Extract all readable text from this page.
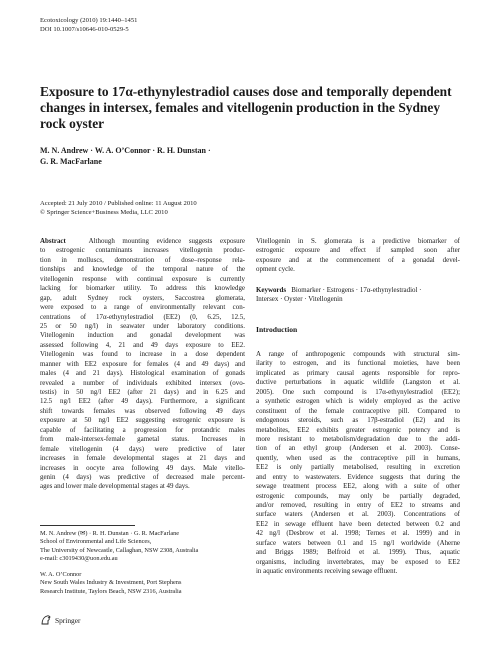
Ecotoxicology (2010) 19:1440–1451
DOI 10.1007/s10646-010-0529-5
Exposure to 17α-ethynylestradiol causes dose and temporally dependent changes in intersex, females and vitellogenin production in the Sydney rock oyster
M. N. Andrew · W. A. O’Connor · R. H. Dunstan ·
G. R. MacFarlane
Accepted: 21 July 2010 / Published online: 11 August 2010
© Springer Science+Business Media, LLC 2010
Abstract	Although mounting evidence suggests exposure
to estrogenic contaminants increases vitellogenin produc-
tion in molluscs, demonstration of dose–response rela-
tionships and knowledge of the temporal nature of the
vitellogenin response with continual exposure is currently
lacking for biomarker utility. To address this knowledge
gap, adult Sydney rock oysters, Saccostrea glomerata,
were exposed to a range of environmentally relevant con-
centrations of 17α-ethynylestradiol (EE2) (0, 6.25, 12.5,
25 or 50 ng/l) in seawater under laboratory conditions.
Vitellogenin induction and gonadal development was
assessed following 4, 21 and 49 days exposure to EE2.
Vitellogenin was found to increase in a dose dependent
manner with EE2 exposure for females (4 and 49 days) and
males (4 and 21 days). Histological examination of gonads
revealed a number of individuals exhibited intersex (ovo-
testis) in 50 ng/l EE2 (after 21 days) and in 6.25 and
12.5 ng/l EE2 (after 49 days). Furthermore, a significant
shift towards females was observed following 49 days
exposure at 50 ng/l EE2 suggesting estrogenic exposure is
capable of facilitating a progression for protandric males
from male-intersex-female gametal status. Increases in
female vitellogenin (4 days) were predictive of later
increases in female developmental stages at 21 days and
increases in oocyte area following 49 days. Male vitello-
genin (4 days) was predictive of decreased male percent-
ages and lower male developmental stages at 49 days.
Vitellogenin in S. glomerata is a predictive biomarker of
estrogenic exposure and effect if sampled soon after
exposure and at the commencement of a gonadal devel-
opment cycle.
Keywords Biomarker · Estrogens · 17α-ethynylestradiol ·
Intersex · Oyster · Vitellogenin
Introduction
A range of anthropogenic compounds with structural sim-
ilarity to estrogen, and its functional moieties, have been
implicated as primary causal agents responsible for repro-
ductive perturbations in aquatic wildlife (Langston et al.
2005). One such compound is 17α-ethynylestradiol (EE2);
a synthetic estrogen which is widely employed as the active
constituent of the female contraceptive pill. Compared to
endogenous steroids, such as 17β-estradiol (E2) and its
metabolites, EE2 exhibits greater estrogenic potency and is
more resistant to metabolism/degradation due to the addi-
tion of an ethyl group (Andersen et al. 2003). Conse-
quently, when used as the contraceptive pill in humans,
EE2 is only partially metabolised, resulting in excretion
and entry to wastewaters. Evidence suggests that during the
sewage treatment process EE2, along with a suite of other
estrogenic compounds, may only be partially degraded,
and/or removed, resulting in entry of EE2 to streams and
surface waters (Andersen et al. 2003). Concentrations of
EE2 in sewage effluent have been detected between 0.2 and
42 ng/l (Desbrow et al. 1998; Ternes et al. 1999) and in
surface waters between 0.1 and 15 ng/l worldwide (Aherne
and Briggs 1989; Belfroid et al. 1999). Thus, aquatic
organisms, including invertebrates, may be exposed to EE2
in aquatic environments receiving sewage effluent.
M. N. Andrew (✉) · R. H. Dunstan · G. R. MacFarlane
School of Environmental and Life Sciences,
The University of Newcastle, Callaghan, NSW 2308, Australia
e-mail: c3019430@uon.edu.au
W. A. O’Connor
New South Wales Industry & Investment, Port Stephens
Research Institute, Taylors Beach, NSW 2316, Australia
Springer
